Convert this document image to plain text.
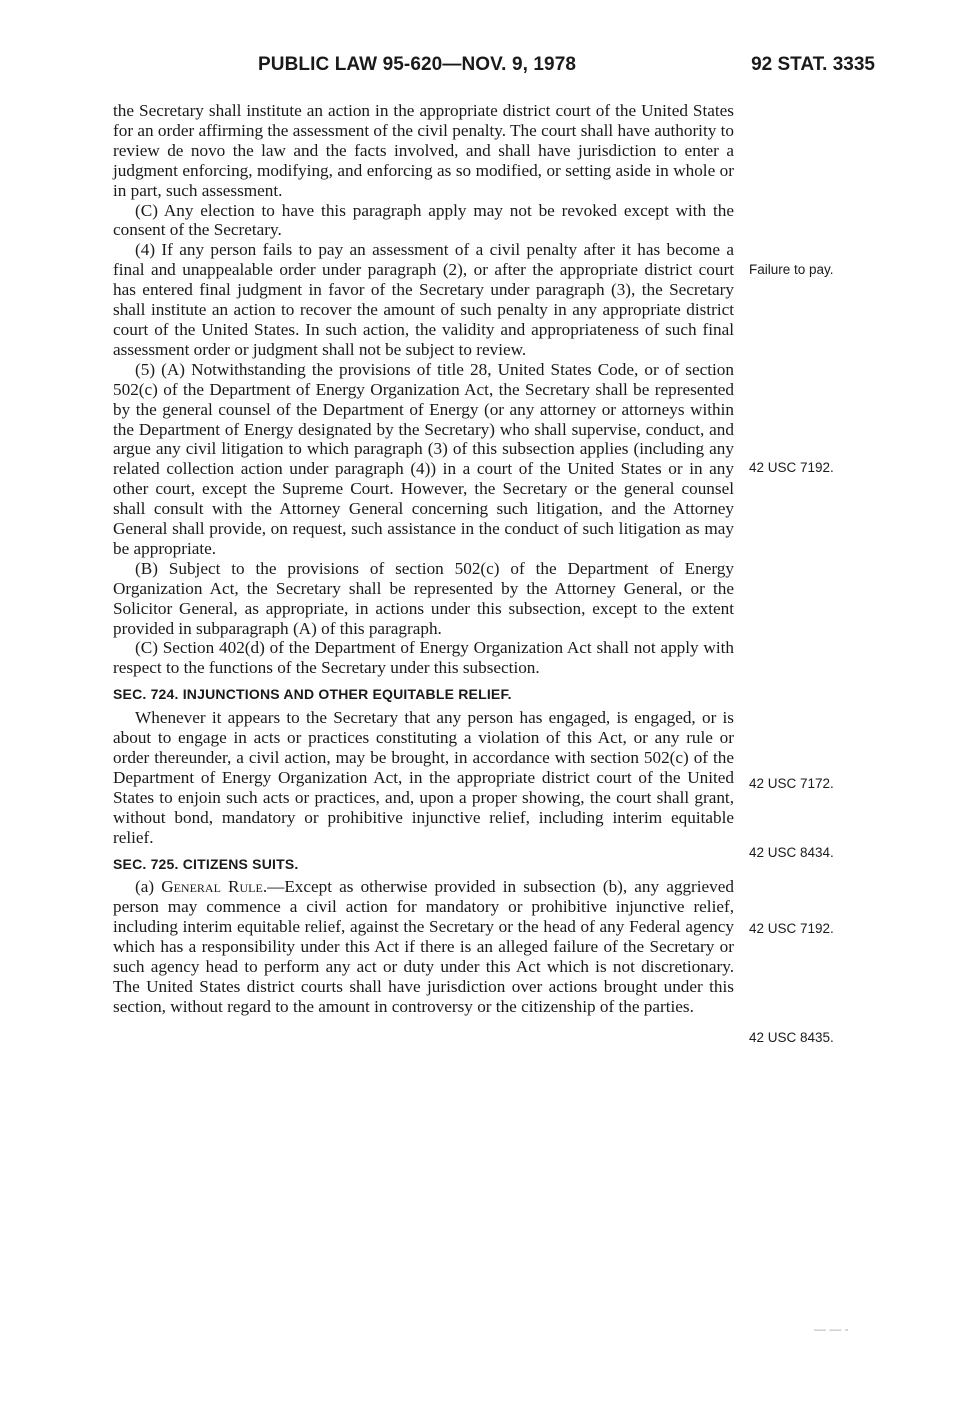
PUBLIC LAW 95-620—NOV. 9, 1978	92 STAT. 3335

the Secretary shall institute an action in the appropriate district court of the United States for an order affirming the assessment of the civil penalty. The court shall have authority to review de novo the law and the facts involved, and shall have jurisdiction to enter a judgment enforcing, modifying, and enforcing as so modified, or setting aside in whole or in part, such assessment.

(C) Any election to have this paragraph apply may not be revoked except with the consent of the Secretary.

(4) If any person fails to pay an assessment of a civil penalty after it has become a final and unappealable order under paragraph (2), or after the appropriate district court has entered final judgment in favor of the Secretary under paragraph (3), the Secretary shall institute an action to recover the amount of such penalty in any appropriate district court of the United States. In such action, the validity and appropriateness of such final assessment order or judgment shall not be subject to review.

(5) (A) Notwithstanding the provisions of title 28, United States Code, or of section 502(c) of the Department of Energy Organization Act, the Secretary shall be represented by the general counsel of the Department of Energy (or any attorney or attorneys within the Department of Energy designated by the Secretary) who shall supervise, conduct, and argue any civil litigation to which paragraph (3) of this subsection applies (including any related collection action under paragraph (4)) in a court of the United States or in any other court, except the Supreme Court. However, the Secretary or the general counsel shall consult with the Attorney General concerning such litigation, and the Attorney General shall provide, on request, such assistance in the conduct of such litigation as may be appropriate.

(B) Subject to the provisions of section 502(c) of the Department of Energy Organization Act, the Secretary shall be represented by the Attorney General, or the Solicitor General, as appropriate, in actions under this subsection, except to the extent provided in subparagraph (A) of this paragraph.

(C) Section 402(d) of the Department of Energy Organization Act shall not apply with respect to the functions of the Secretary under this subsection.

SEC. 724. INJUNCTIONS AND OTHER EQUITABLE RELIEF.

Whenever it appears to the Secretary that any person has engaged, is engaged, or is about to engage in acts or practices constituting a violation of this Act, or any rule or order thereunder, a civil action, may be brought, in accordance with section 502(c) of the Department of Energy Organization Act, in the appropriate district court of the United States to enjoin such acts or practices, and, upon a proper showing, the court shall grant, without bond, mandatory or prohibitive injunctive relief, including interim equitable relief.

SEC. 725. CITIZENS SUITS.

(a) General Rule.—Except as otherwise provided in subsection (b), any aggrieved person may commence a civil action for mandatory or prohibitive injunctive relief, including interim equitable relief, against the Secretary or the head of any Federal agency which has a responsibility under this Act if there is an alleged failure of the Secretary or such agency head to perform any act or duty under this Act which is not discretionary. The United States district courts shall have jurisdiction over actions brought under this section, without regard to the amount in controversy or the citizenship of the parties.

Failure to pay.
42 USC 7192.
42 USC 7172.
42 USC 8434.
42 USC 7192.
42 USC 8435.
— — -
